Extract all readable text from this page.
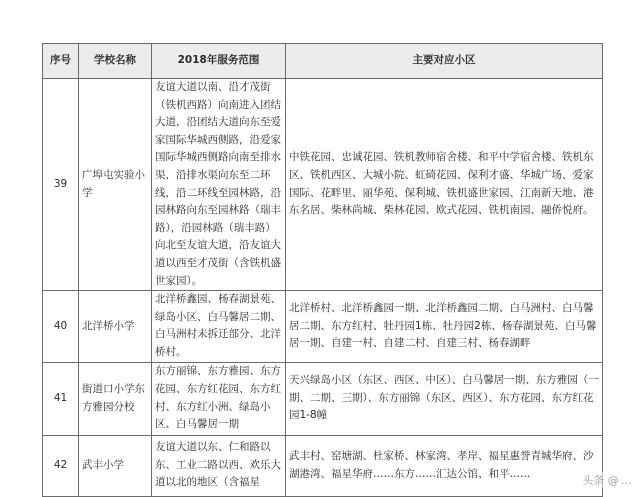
序号	学校名称	2018年服务范围	主要对应小区
39	广埠屯实验小学	友谊大道以南、沿才茂街（铁机西路）向南进入团结大道，沿团结大道向东至爱家国际华城西侧路，沿爱家国际华城西侧路向南至排水渠，沿排水渠向东至二环线，沿二环线至园林路，沿园林路向东至园林路（瑞丰路），沿园林路（瑞丰路）向北至友谊大道，沿友谊大道以西至才茂街（含铁机盛世家园）。	中铁花园、忠诚花园、铁机教师宿舍楼、和平中学宿舍楼、铁机东区、铁机西区、大城小院、虹碕花园、保利才盛、华城广场、爱家国际、花畔里、丽华苑、保利城、铁机盛世家园、江南新天地、港东名居、柴林尚城、柴林花园、欧式花园、铁机南园、融侨悦府。
40	北洋桥小学	北洋桥鑫园、杨春湖景苑、绿岛小区、白马馨居二期、白马洲村未拆迁部分、北洋桥村。	北洋桥村、北洋桥鑫园一期、北洋桥鑫园二期、白马洲村、白马馨居二期、东方红村、牡丹园1栋、牡丹园2栋、杨春湖景苑、白马馨居一期、自建一村、自建二村、自建三村、杨春湖畔
41	街道口小学东方雅园分校	东方丽锦、东方雅园、东方花园、东方红花园、东方红村、东方红小洲、绿岛小区、白马馨居一期	天兴绿岛小区（东区、西区、中区）、白马馨居一期、东方雅园（一期、二期、三期）、东方丽锦（东区、西区）、东方花园、东方红花园1-8幢
42	武丰小学	友谊大道以东、仁和路以东、工业二路以西、欢乐大道以北的地区（含福星	武丰村、窑塘湖、杜家桥、林家湾、孝岸、福星惠誉青城华府、沙湖港湾、福星华府……东方……汇达公馆、和平……
 头条 @ …
